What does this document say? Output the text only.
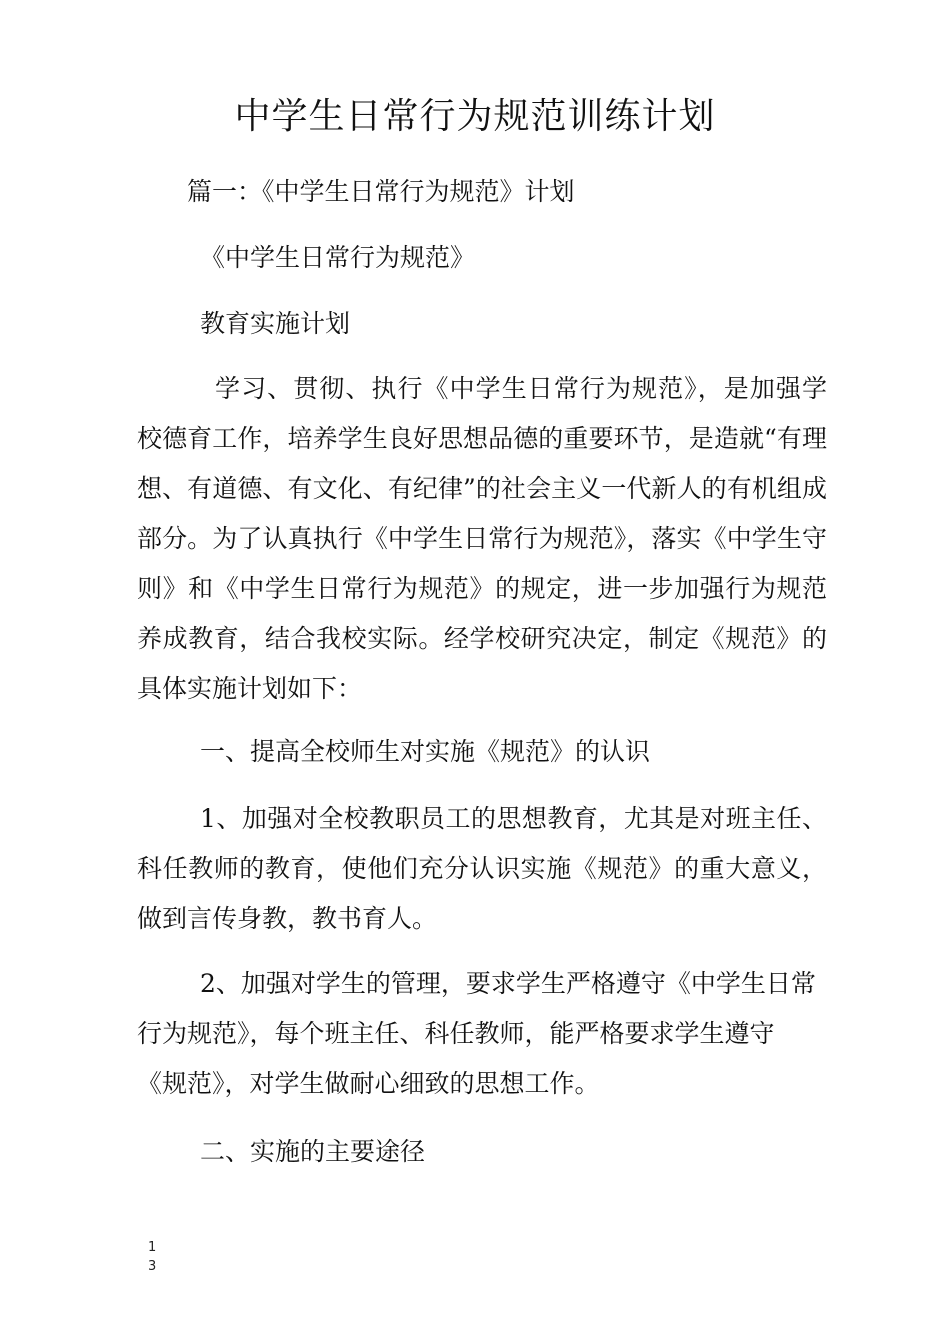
中学生日常行为规范训练计划
篇一：《中学生日常行为规范》计划
《中学生日常行为规范》
教育实施计划

学习、贯彻、执行《中学生日常行为规范》，是加强学校德育工作，培养学生良好思想品德的重要环节，是造就“有理想、有道德、有文化、有纪律”的社会主义一代新人的有机组成部分。为了认真执行《中学生日常行为规范》，落实《中学生守则》和《中学生日常行为规范》的规定，进一步加强行为规范养成教育，结合我校实际。经学校研究决定，制定《规范》的具体实施计划如下：

一、提高全校师生对实施《规范》的认识

1、加强对全校教职员工的思想教育，尤其是对班主任、科任教师的教育，使他们充分认识实施《规范》的重大意义，做到言传身教，教书育人。

2、加强对学生的管理，要求学生严格遵守《中学生日常
行为规范》，每个班主任、科任教师，能严格要求学生遵守
《规范》，对学生做耐心细致的思想工作。
二、实施的主要途径
13
